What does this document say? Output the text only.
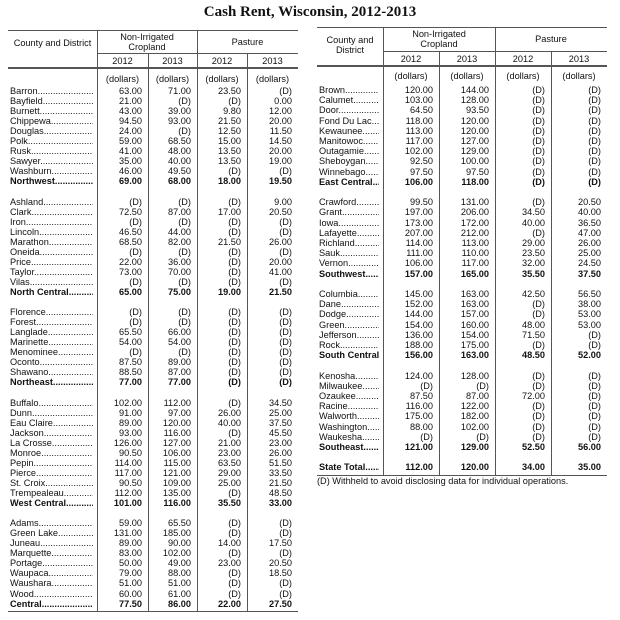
Cash Rent, Wisconsin, 2012-2013
County and District
Non-Irrigated Cropland	Pasture
2012
(dollars)
2013
(dollars)
2012
(dollars)
2013
(dollars)
Barron .....	63.00	71.00	23.50	(D)
Bayfield .....	21.00	(D)	(D)	0.00
Burnett .....	43.00	39.00	9.80	12.00
Chippewa .....	94.50	93.00	21.50	20.00
Douglas .....	24.00	(D)	12.50	11.50
Polk .....	59.00	68.50	15.00	14.50
Rusk .....	41.00	48.00	13.50	20.00
Sawyer .....	35.00	40.00	13.50	19.00
Washburn .....	46.00	49.50	(D)	(D)
Northwest .....	69.00	68.00	18.00	19.50
Ashland .....	(D)	(D)	(D)	9.00
Clark .....	72.50	87.00	17.00	20.50
Iron .....	(D)	(D)	(D)	(D)
Lincoln .....	46.50	44.00	(D)	(D)
Marathon .....	68.50	82.00	21.50	26.00
Oneida .....	(D)	(D)	(D)	(D)
Price .....	22.00	36.00	(D)	20.00
Taylor .....	73.00	70.00	(D)	41.00
Vilas .....	(D)	(D)	(D)	(D)
North Central .....	65.00	75.00	19.00	21.50
Florence .....	(D)	(D)	(D)	(D)
Forest .....	(D)	(D)	(D)	(D)
Langlade .....	65.50	66.00	(D)	(D)
Marinette .....	54.00	54.00	(D)	(D)
Menominee .....	(D)	(D)	(D)	(D)
Oconto .....	87.50	89.00	(D)	(D)
Shawano .....	88.50	87.00	(D)	(D)
Northeast .....	77.00	77.00	(D)	(D)
Buffalo .....	102.00	112.00	(D)	34.50
Dunn .....	91.00	97.00	26.00	25.00
Eau Claire .....	89.00	120.00	40.00	37.50
Jackson .....	93.00	116.00	(D)	45.50
La Crosse .....	126.00	127.00	21.00	23.00
Monroe .....	90.50	106.00	23.00	26.00
Pepin .....	114.00	115.00	63.50	51.50
Pierce .....	117.00	121.00	29.00	33.50
St. Croix .....	90.50	109.00	25.00	21.50
Trempealeau .....	112.00	135.00	(D)	48.50
West Central .....	101.00	116.00	35.50	33.00
Adams .....	59.00	65.50	(D)	(D)
Green Lake .....	131.00	185.00	(D)	(D)
Juneau .....	89.00	90.00	14.00	17.50
Marquette .....	83.00	102.00	(D)	(D)
Portage .....	50.00	49.00	23.00	20.50
Waupaca .....	79.00	88.00	(D)	18.50
Waushara .....	51.00	51.00	(D)	(D)
Wood .....	60.00	61.00	(D)	(D)
Central .....	77.50	86.00	22.00	27.50
County and District
Non-Irrigated Cropland	Pasture
2012
(dollars)
2013
(dollars)
2012
(dollars)
2013
(dollars)
Brown .....	120.00	144.00	(D)	(D)
Calumet .....	103.00	128.00	(D)	(D)
Door .....	64.50	93.50	(D)	(D)
Fond Du Lac .....	118.00	120.00	(D)	(D)
Kewaunee .....	113.00	120.00	(D)	(D)
Manitowoc .....	117.00	127.00	(D)	(D)
Outagamie .....	102.00	129.00	(D)	(D)
Sheboygan .....	92.50	100.00	(D)	(D)
Winnebago .....	97.50	97.50	(D)	(D)
East Central .....	106.00	118.00	(D)	(D)
Crawford .....	99.50	131.00	(D)	20.50
Grant .....	197.00	206.00	34.50	40.00
Iowa .....	173.00	172.00	40.00	36.50
Lafayette .....	207.00	212.00	(D)	47.00
Richland .....	114.00	113.00	29.00	26.00
Sauk .....	111.00	110.00	23.50	25.00
Vernon .....	106.00	117.00	32.00	24.50
Southwest .....	157.00	165.00	35.50	37.50
Columbia .....	145.00	163.00	42.50	56.50
Dane .....	152.00	163.00	(D)	38.00
Dodge .....	144.00	157.00	(D)	53.00
Green .....	154.00	160.00	48.00	53.00
Jefferson .....	136.00	154.00	71.50	(D)
Rock .....	188.00	175.00	(D)	(D)
South Central .....	156.00	163.00	48.50	52.00
Kenosha .....	124.00	128.00	(D)	(D)
Milwaukee .....	(D)	(D)	(D)	(D)
Ozaukee .....	87.50	87.00	72.00	(D)
Racine .....	116.00	122.00	(D)	(D)
Walworth .....	175.00	182.00	(D)	(D)
Washington .....	88.00	102.00	(D)	(D)
Waukesha .....	(D)	(D)	(D)	(D)
Southeast .....	121.00	129.00	52.50	56.00
State Total .....	112.00	120.00	34.00	35.00
(D) Withheld to avoid disclosing data for individual operations.
